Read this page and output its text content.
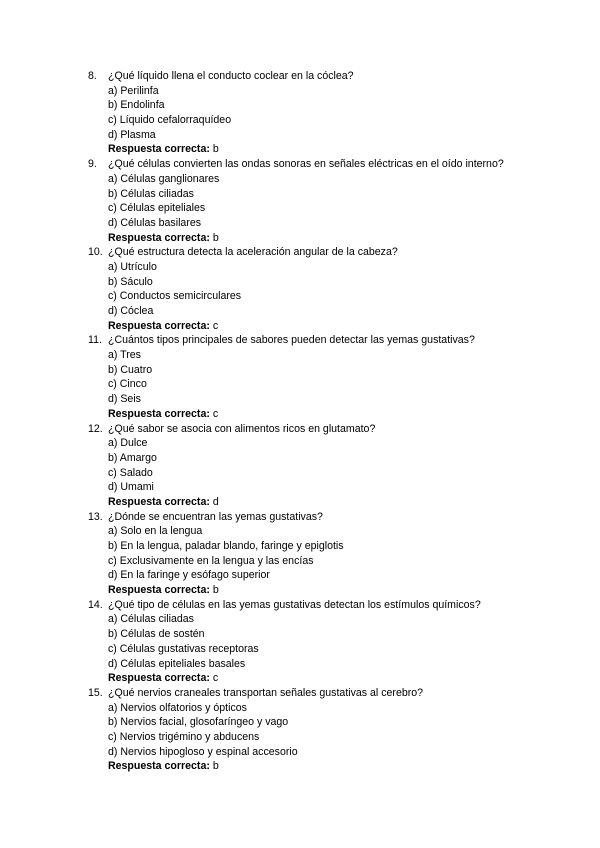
8. ¿Qué líquido llena el conducto coclear en la cóclea?
a) Perilinfa
b) Endolinfa
c) Líquido cefalorraquídeo
d) Plasma
Respuesta correcta: b
9. ¿Qué células convierten las ondas sonoras en señales eléctricas en el oído interno?
a) Células ganglionares
b) Células ciliadas
c) Células epiteliales
d) Células basilares
Respuesta correcta: b
10. ¿Qué estructura detecta la aceleración angular de la cabeza?
a) Utrículo
b) Sáculo
c) Conductos semicirculares
d) Cóclea
Respuesta correcta: c
11. ¿Cuántos tipos principales de sabores pueden detectar las yemas gustativas?
a) Tres
b) Cuatro
c) Cinco
d) Seis
Respuesta correcta: c
12. ¿Qué sabor se asocia con alimentos ricos en glutamato?
a) Dulce
b) Amargo
c) Salado
d) Umami
Respuesta correcta: d
13. ¿Dónde se encuentran las yemas gustativas?
a) Solo en la lengua
b) En la lengua, paladar blando, faringe y epiglotis
c) Exclusivamente en la lengua y las encías
d) En la faringe y esófago superior
Respuesta correcta: b
14. ¿Qué tipo de células en las yemas gustativas detectan los estímulos químicos?
a) Células ciliadas
b) Células de sostén
c) Células gustativas receptoras
d) Células epiteliales basales
Respuesta correcta: c
15. ¿Qué nervios craneales transportan señales gustativas al cerebro?
a) Nervios olfatorios y ópticos
b) Nervios facial, glosofaríngeo y vago
c) Nervios trigémino y abducens
d) Nervios hipogloso y espinal accesorio
Respuesta correcta: b
